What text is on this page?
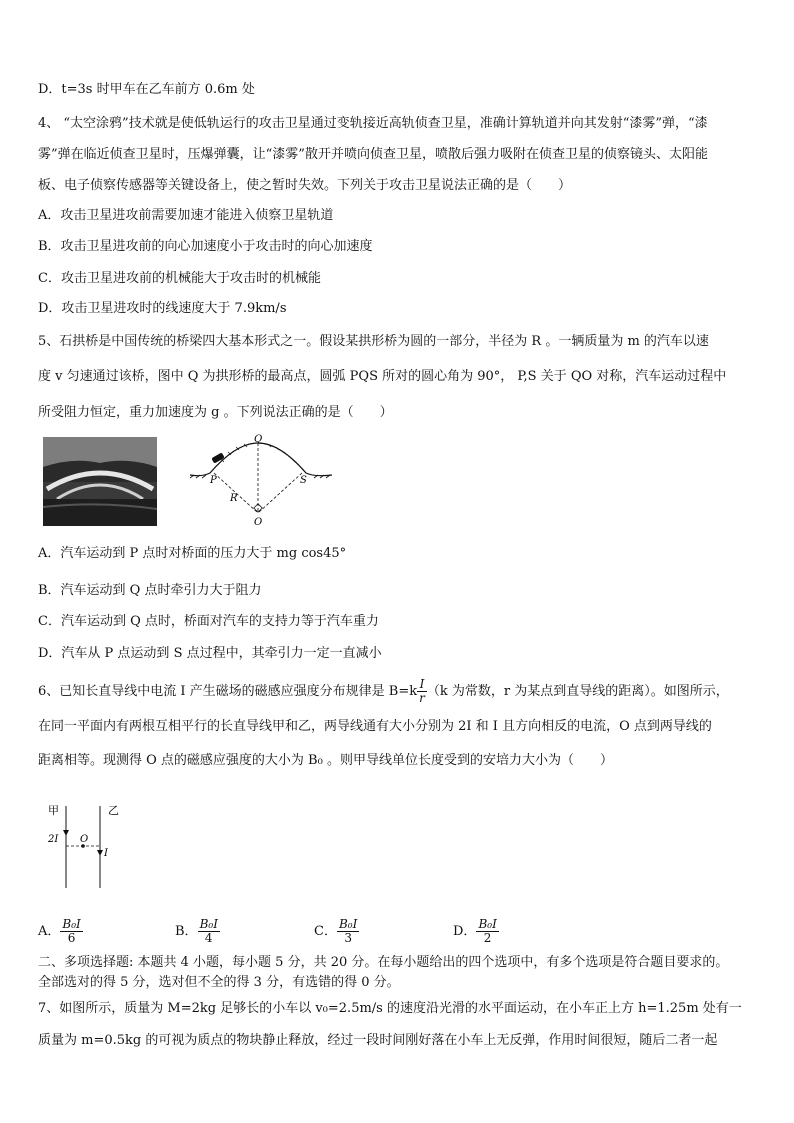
D．t=3s 时甲车在乙车前方 0.6m 处
4、 “太空涂鸦”技术就是使低轨运行的攻击卫星通过变轨接近高轨侦查卫星，准确计算轨道并向其发射“漆雾”弹，“漆
雾”弹在临近侦查卫星时，压爆弹囊，让“漆雾”散开并喷向侦查卫星，喷散后强力吸附在侦查卫星的侦察镜头、太阳能
板、电子侦察传感器等关键设备上，使之暂时失效。下列关于攻击卫星说法正确的是（　　）
A．攻击卫星进攻前需要加速才能进入侦察卫星轨道
B．攻击卫星进攻前的向心加速度小于攻击时的向心加速度
C．攻击卫星进攻前的机械能大于攻击时的机械能
D．攻击卫星进攻时的线速度大于 7.9km/s
5、石拱桥是中国传统的桥梁四大基本形式之一。假设某拱形桥为圆的一部分，半径为 R 。一辆质量为 m 的汽车以速
度 v 匀速通过该桥，图中 Q 为拱形桥的最高点，圆弧 PQS 所对的圆心角为 90°， P,S 关于 QO 对称，汽车运动过程中
所受阻力恒定，重力加速度为 g 。下列说法正确的是（　　）
Q
P	S
R
O
A．汽车运动到 P 点时对桥面的压力大于 mg cos45°
B．汽车运动到 Q 点时牵引力大于阻力
C．汽车运动到 Q 点时，桥面对汽车的支持力等于汽车重力
D．汽车从 P 点运动到 S 点过程中，其牵引力一定一直减小
6、已知长直导线中电流 I 产生磁场的磁感应强度分布规律是 $B=k \frac{I}{r} (k$ 为常数，r 为某点到直导线的距离）。如图所示，
在同一平面内有两根互相平行的长直导线甲和乙，两导线通有大小分别为 2I 和 I 且方向相反的电流，O 点到两导线的
距离相等。现测得 O 点的磁感应强度的大小为 B₀ 。则甲导线单位长度受到的安培力大小为（　　）
甲	乙
2I O
I
A． $\frac{\text{B₀I}}{6}$	B． $\frac{\text{B₀I}}{4}$	C． $\frac{\text{B₀I}}{3}$	D． $\frac{\text{B₀I}}{2}$
二、多项选择题: 本题共 4 小题，每小题 5 分，共 20 分。在每小题给出的四个选项中，有多个选项是符合题目要求的。
全部选对的得 5 分，选对但不全的得 3 分，有选错的得 0 分。
7、如图所示，质量为 M=2kg 足够长的小车以 v₀=2.5m/s 的速度沿光滑的水平面运动，在小车正上方 h=1.25m 处有一
质量为 m=0.5kg 的可视为质点的物块静止释放，经过一段时间刚好落在小车上无反弹，作用时间很短，随后二者一起
